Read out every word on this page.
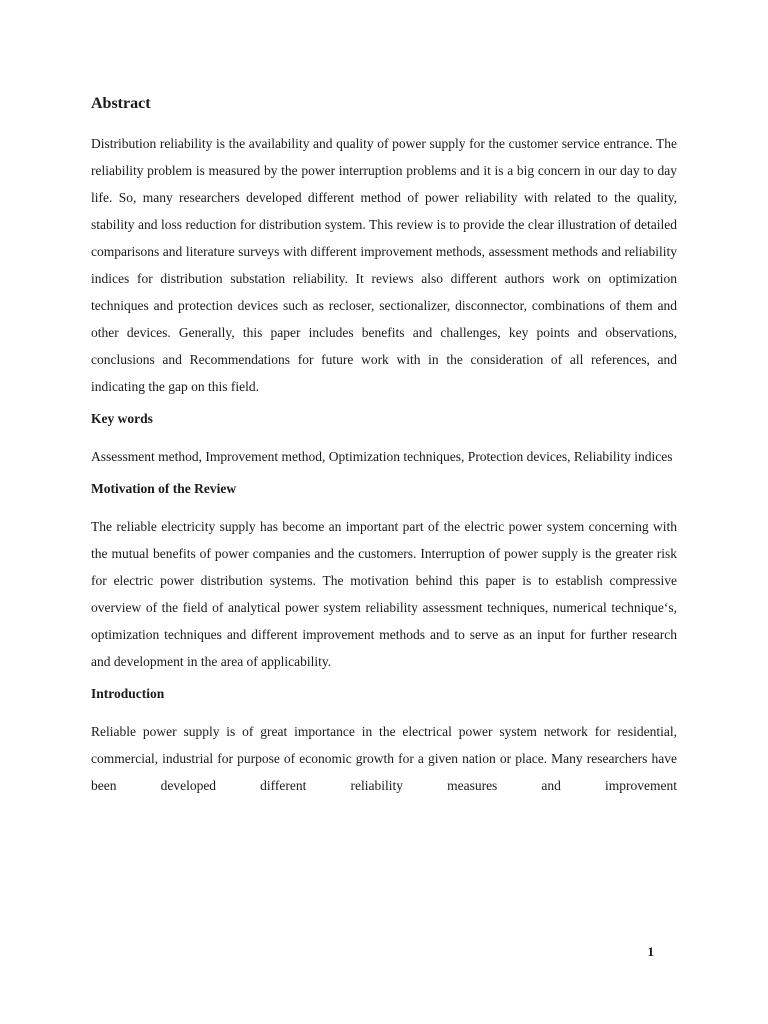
Abstract

Distribution reliability is the availability and quality of power supply for the customer service entrance. The reliability problem is measured by the power interruption problems and it is a big concern in our day to day life. So, many researchers developed different method of power reliability with related to the quality, stability and loss reduction for distribution system. This review is to provide the clear illustration of detailed comparisons and literature surveys with different improvement methods, assessment methods and reliability indices for distribution substation reliability. It reviews also different authors work on optimization techniques and protection devices such as recloser, sectionalizer, disconnector, combinations of them and other devices. Generally, this paper includes benefits and challenges, key points and observations, conclusions and Recommendations for future work with in the consideration of all references, and indicating the gap on this field.

Key words

Assessment method, Improvement method, Optimization techniques, Protection devices, Reliability indices

Motivation of the Review

The reliable electricity supply has become an important part of the electric power system concerning with the mutual benefits of power companies and the customers. Interruption of power supply is the greater risk for electric power distribution systems. The motivation behind this paper is to establish compressive overview of the field of analytical power system reliability assessment techniques, numerical technique‘s, optimization techniques and different improvement methods and to serve as an input for further research and development in the area of applicability.

Introduction

Reliable power supply is of great importance in the electrical power system network for residential, commercial, industrial for purpose of economic growth for a given nation or place. Many researchers have been developed different reliability measures and improvement

1
